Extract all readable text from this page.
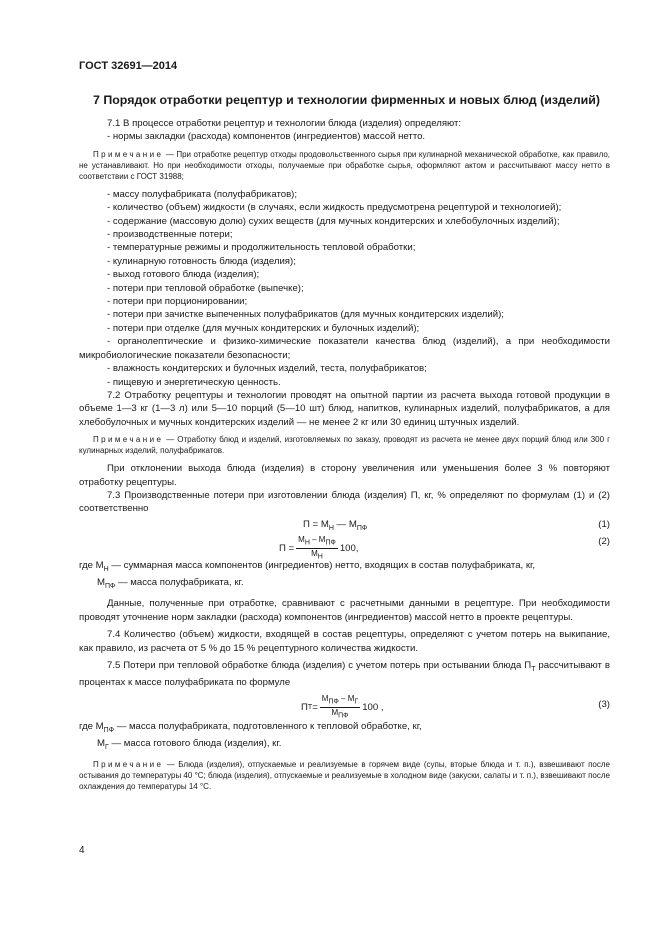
ГОСТ 32691—2014
7 Порядок отработки рецептур и технологии фирменных и новых блюд (изделий)

7.1 В процессе отработки рецептур и технологии блюда (изделия) определяют:

- нормы закладки (расхода) компонентов (ингредиентов) массой нетто.

Примечание — При отработке рецептур отходы продовольственного сырья при кулинарной механической обработке, как правило, не устанавливают. Но при необходимости отходы, получаемые при обработке сырья, оформляют актом и рассчитывают массу нетто в соответствии с ГОСТ 31988;

- массу полуфабриката (полуфабрикатов);

- количество (объем) жидкости (в случаях, если жидкость предусмотрена рецептурой и технологией);

- содержание (массовую долю) сухих веществ (для мучных кондитерских и хлебобулочных изделий);

- производственные потери;

- температурные режимы и продолжительность тепловой обработки;

- кулинарную готовность блюда (изделия);

- выход готового блюда (изделия);

- потери при тепловой обработке (выпечке);

- потери при порционировании;

- потери при зачистке выпеченных полуфабрикатов (для мучных кондитерских изделий);

- потери при отделке (для мучных кондитерских и булочных изделий);

- органолептические и физико-химические показатели качества блюд (изделий), а при необходимости микробиологические показатели безопасности;

- влажность кондитерских и булочных изделий, теста, полуфабрикатов;

- пищевую и энергетическую ценность.

7.2 Отработку рецептуры и технологии проводят на опытной партии из расчета выхода готовой продукции в объеме 1—3 кг (1—3 л) или 5—10 порций (5—10 шт) блюд, напитков, кулинарных изделий, полуфабрикатов, а для хлебобулочных и мучных кондитерских изделий — не менее 2 кг или 30 единиц штучных изделий.

Примечание — Отработку блюд и изделий, изготовляемых по заказу, проводят из расчета не менее двух порций блюд или 300 г кулинарных изделий, полуфабрикатов.

При отклонении выхода блюда (изделия) в сторону увеличения или уменьшения более 3 % повторяют отработку рецептуры.

7.3 Производственные потери при изготовлении блюда (изделия) П, кг, % определяют по формулам (1) и (2) соответственно

$П = М_Н$ — $М_{ПФ}$	(1)
$П = \frac{М_Н - М_{ПФ}}{М_Н} 100$,
(2)

где $М_Н$ — суммарная масса компонентов (ингредиентов) нетто, входящих в состав полуфабриката, кг,

$М_{ПФ}$ — масса полуфабриката, кг.

Данные, полученные при отработке, сравнивают с расчетными данными в рецептуре. При необходимости проводят уточнение норм закладки (расхода) компонентов (ингредиентов) массой нетто в проекте рецептуры.

7.4 Количество (объем) жидкости, входящей в состав рецептуры, определяют с учетом потерь на выкипание, как правило, из расчета от 5 % до 15 % рецептурного количества жидкости.

7.5 Потери при тепловой обработке блюда (изделия) с учетом потерь при остывании блюда $П_Т$ рассчитывают в процентах к массе полуфабриката по формуле

П $Т = \frac{М_{ПФ} - М_Г}{М_{ПФ}} 100$ ,	(3)

где $М_{ПФ}$ — масса полуфабриката, подготовленного к тепловой обработке, кг,

$М_Г$ — масса готового блюда (изделия), кг.

Примечание — Блюда (изделия), отпускаемые и реализуемые в горячем виде (супы, вторые блюда и т. п.), взвешивают после остывания до температуры 40 °С; блюда (изделия), отпускаемые и реализуемые в холодном виде (закуски, салаты и т. п.), взвешивают после охлаждения до температуры 14 °С.

4
